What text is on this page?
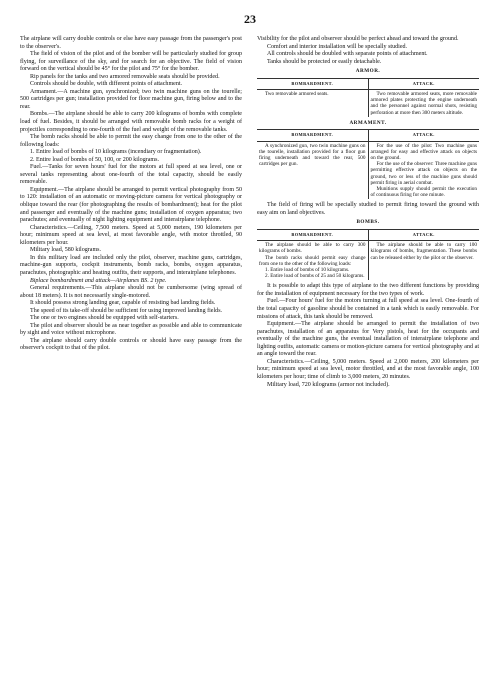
23

The airplane will carry double controls or else have easy passage from the passenger's post to the observer's.

The field of vision of the pilot and of the bomber will be particularly studied for group flying, for surveillance of the sky, and for search for an objective. The field of vision forward on the vertical should be 45° for the pilot and 75° for the bomber.

Rip panels for the tanks and two armored removable seats should be provided.

Controls should be double, with different points of attachment.

Armament.—A machine gun, synchronized; two twin machine guns on the tourelle; 500 cartridges per gun; installation provided for floor machine gun, firing below and to the rear.

Bombs.—The airplane should be able to carry 200 kilograms of bombs with complete load of fuel. Besides, it should be arranged with removable bomb racks for a weight of projectiles corresponding to one-fourth of the fuel and weight of the removable tanks.

The bomb racks should be able to permit the easy change from one to the other of the following loads:

1. Entire load of bombs of 10 kilograms (incendiary or fragmentation).

2. Entire load of bombs of 50, 100, or 200 kilograms.

Fuel.—Tanks for seven hours' fuel for the motors at full speed at sea level, one or several tanks representing about one-fourth of the total capacity, should be easily removable.

Equipment.—The airplane should be arranged to permit vertical photography from 50 to 120: installation of an automatic or moving-picture camera for vertical photography or oblique toward the rear (for photographing the results of bombardment); heat for the pilot and passenger and eventually of the machine guns; installation of oxygen apparatus; two parachutes; and eventually of night lighting equipment and interairplane telephone.

Characteristics.—Ceiling, 7,500 meters. Speed at 5,000 meters, 190 kilometers per hour; minimum speed at sea level, at most favorable angle, with motor throttled, 90 kilometers per hour.

Military load, 580 kilograms.

In this military load are included only the pilot, observer, machine guns, cartridges, machine-gun supports, cockpit instruments, bomb racks, bombs, oxygen apparatus, parachutes, photographic and heating outfits, their supports, and interairplane telephones.

Biplace bombardment and attack—Airplanes BS. 2 type.

General requirements.—This airplane should not be cumbersome (wing spread of about 18 meters). It is not necessarily single-motored.

It should possess strong landing gear, capable of resisting bad landing fields.

The speed of its take-off should be sufficient for using improved landing fields.

The one or two engines should be equipped with self-starters.

The pilot and observer should be as near together as possible and able to communicate by sight and voice without microphone.

The airplane should carry double controls or should have easy passage from the observer's cockpit to that of the pilot.

Visibility for the pilot and observer should be perfect ahead and toward the ground.

Comfort and interior installation will be specially studied.

All controls should be doubled with separate points of attachment.

Tanks should be protected or easily detachable.

ARMOR.
BOMBARDMENT.	ATTACK.

Two removable armored seats.	Two removable armored seats, more removable armored plates protecting the engine underneath and the personnel against normal shots, resisting perforation at more then 300 meters altitude.

ARMAMENT.
BOMBARDMENT.	ATTACK.

A synchronized gun, two twin machine guns on the tourelle, installation provided for a floor gun firing underneath and toward the rear, 500 cartridges per gun.	For the use of the pilot: Two machine guns arranged for easy and effective attack on objects on the ground.

For the use of the observer: Three machine guns permitting effective attack on objects on the ground, two or less of the machine guns should permit firing in aerial combat.

Munitions supply should permit the execution of continuous firing for one minute.

The field of firing will be specially studied to permit firing toward the ground with easy aim on land objectives.

BOMBS.
BOMBARDMENT.	ATTACK.

The airplane should be able to carry 300 kilograms of bombs.

The bomb racks should permit easy change from one to the other of the following loads:

1. Entire load of bombs of 10 kilograms.

2. Entire load of bombs of 25 and 50 kilograms.	The airplane should be able to carry 100 kilograms of bombs, fragmentation. These bombs can be released either by the pilot or the observer.

It is possible to adapt this type of airplane to the two different functions by providing for the installation of equipment necessary for the two types of work.

Fuel.—Four hours' fuel for the motors turning at full speed at sea level. One-fourth of the total capacity of gasoline should be contained in a tank which is easily removable. For missions of attack, this tank should be removed.

Equipment.—The airplane should be arranged to permit the installation of two parachutes, installation of an apparatus for Very pistols, heat for the occupants and eventually of the machine guns, the eventual installation of interairplane telephone and lighting outfits, automatic camera or motion-picture camera for vertical photography and at an angle toward the rear.

Characteristics.—Ceiling, 5,000 meters. Speed at 2,000 meters, 200 kilometers per hour; minimum speed at sea level, motor throttled, and at the most favorable angle, 100 kilometers per hour; time of climb to 3,000 meters, 20 minutes.

Military load, 720 kilograms (armor not included).
